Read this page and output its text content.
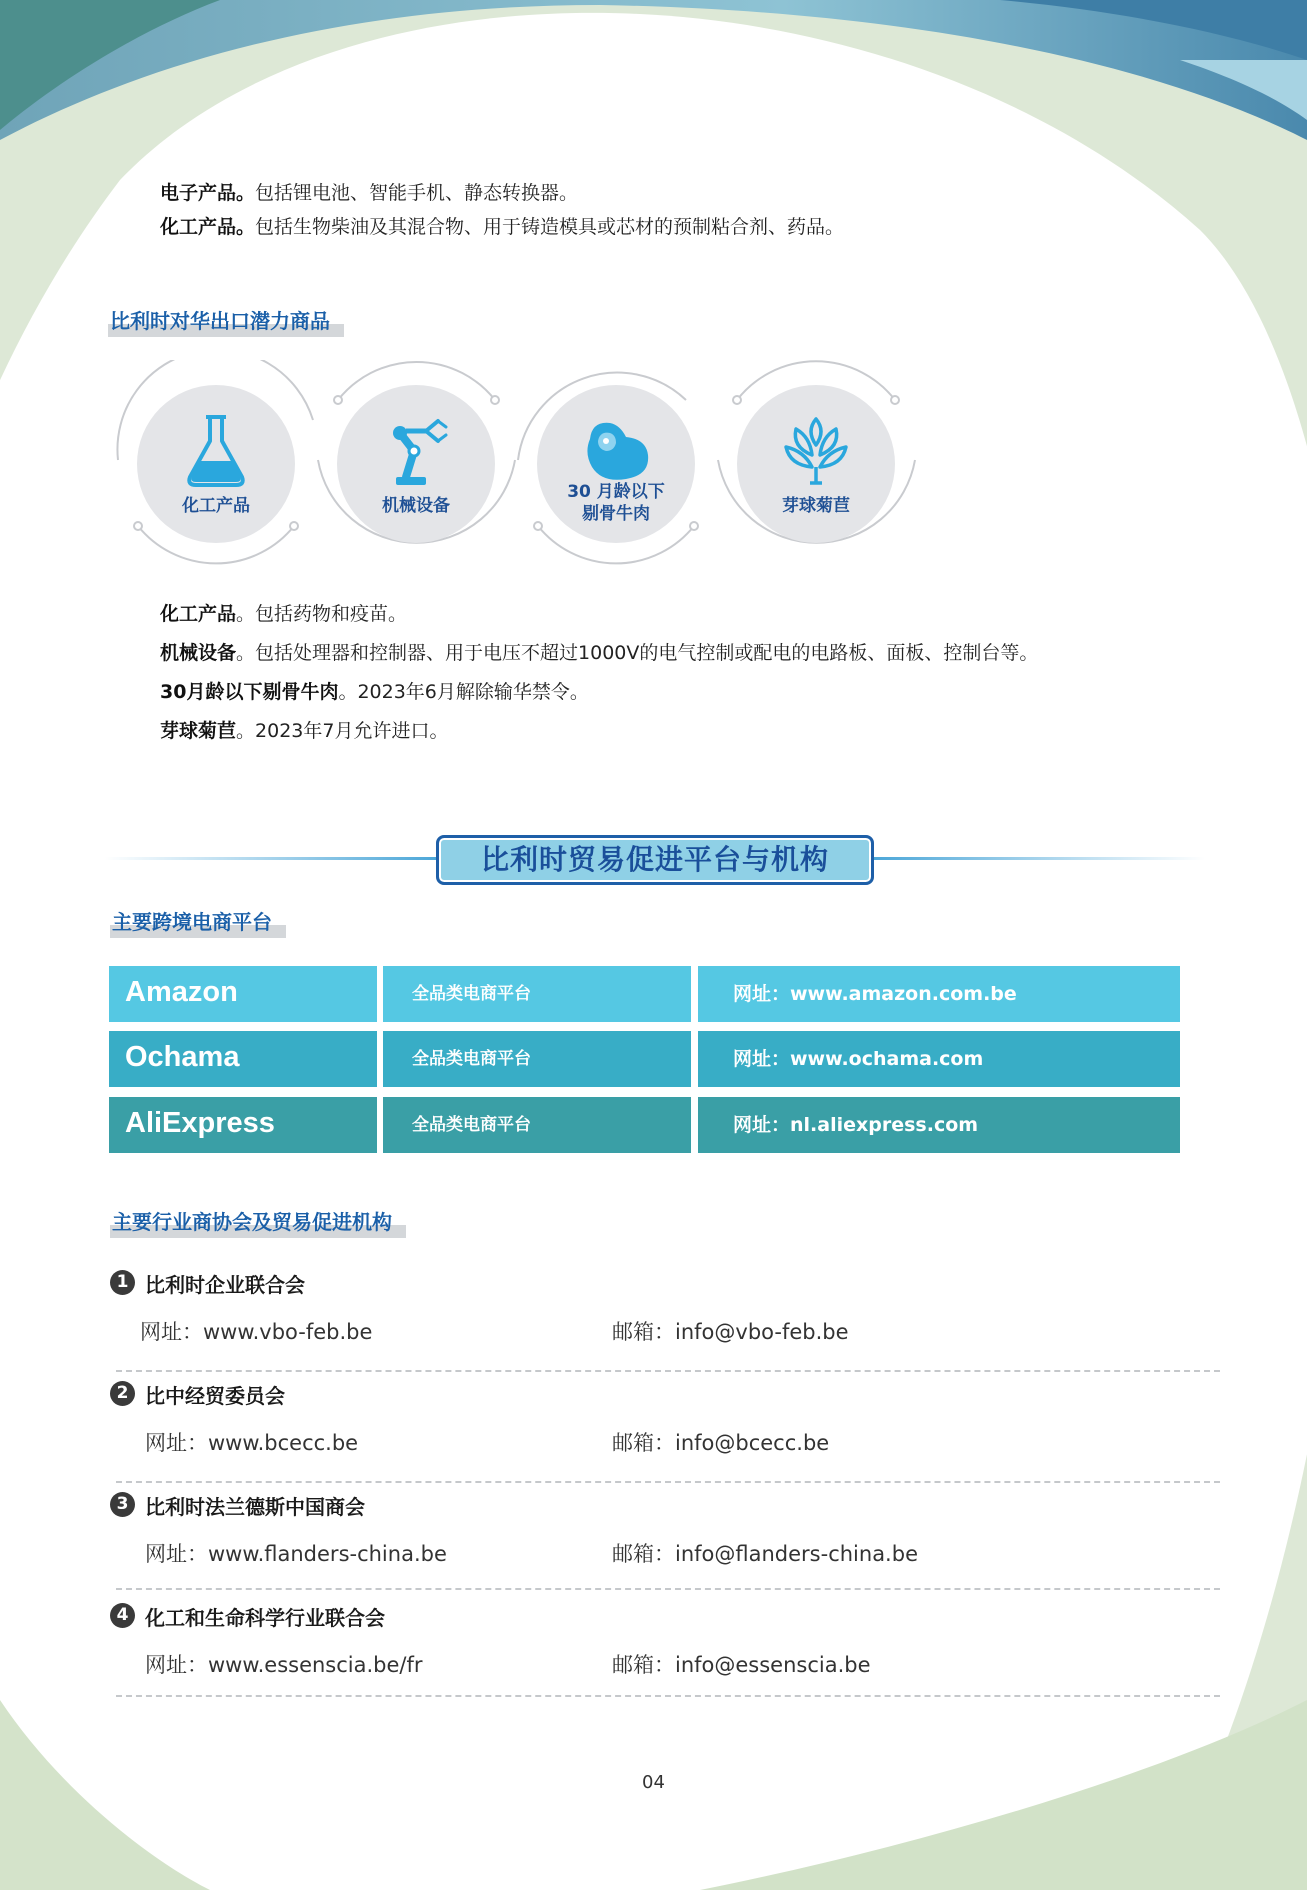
电子产品。包括锂电池、智能手机、静态转换器。
化工产品。包括生物柴油及其混合物、用于铸造模具或芯材的预制粘合剂、药品。
比利时对华出口潜力商品
化工产品	机械设备
30 月龄以下
剔骨牛肉	芽球菊苣
化工产品。包括药物和疫苗。
机械设备。包括处理器和控制器、用于电压不超过1000V的电气控制或配电的电路板、面板、控制台等。
30月龄以下剔骨牛肉。2023年6月解除输华禁令。
芽球菊苣。2023年7月允许进口。
比利时贸易促进平台与机构
主要跨境电商平台
Amazon	全品类电商平台	网址：www.amazon.com.be
Ochama	全品类电商平台	网址：www.ochama.com
AliExpress	全品类电商平台	网址：nl.aliexpress.com
主要行业商协会及贸易促进机构
1 比利时企业联合会
网址：www.vbo-feb.be	邮箱：info@vbo-feb.be
2 比中经贸委员会
网址：www.bcecc.be	邮箱：info@bcecc.be
3 比利时法兰德斯中国商会
网址：www.flanders-china.be	邮箱：info@flanders-china.be
4 化工和生命科学行业联合会
网址：www.essenscia.be/fr	邮箱：info@essenscia.be
04
